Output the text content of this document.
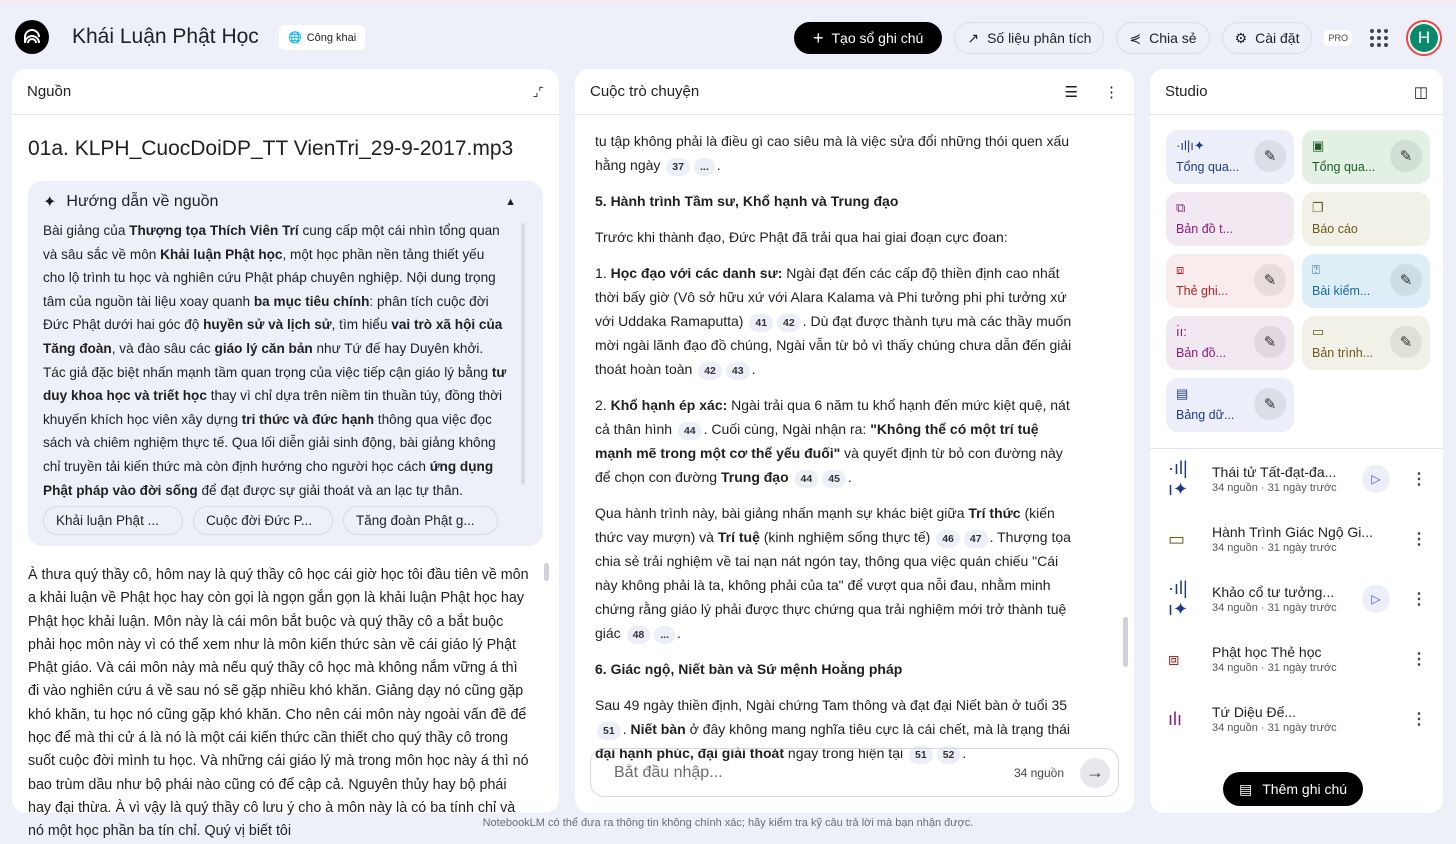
Khái Luận Phật Học	🌐 Công khai	+ Tạo sổ ghi chú	↗ Số liệu phân tích	⋞ Chia sẻ	⚙ Cài đặt	PRO	H
Nguồn	⌟⌜
01a. KLPH_CuocDoiDP_TT VienTri_29-9-2017.mp3
✦ Hướng dẫn về nguồn	▲
Bài giảng của Thượng tọa Thích Viên Trí cung cấp một cái nhìn tổng quan và sâu sắc về môn Khải luận Phật học, một học phần nền tảng thiết yếu cho lộ trình tu học và nghiên cứu Phật pháp chuyên nghiệp. Nội dung trọng tâm của nguồn tài liệu xoay quanh ba mục tiêu chính: phân tích cuộc đời Đức Phật dưới hai góc độ huyền sử và lịch sử, tìm hiểu vai trò xã hội của Tăng đoàn, và đào sâu các giáo lý căn bản như Tứ đế hay Duyên khởi. Tác giả đặc biệt nhấn mạnh tầm quan trọng của việc tiếp cận giáo lý bằng tư duy khoa học và triết học thay vì chỉ dựa trên niềm tin thuần túy, đồng thời khuyến khích học viên xây dựng tri thức và đức hạnh thông qua việc đọc sách và chiêm nghiệm thực tế. Qua lối diễn giải sinh động, bài giảng không chỉ truyền tải kiến thức mà còn định hướng cho người học cách ứng dụng Phật pháp vào đời sống để đạt được sự giải thoát và an lạc tự thân.
Khải luận Phật ...	Cuộc đời Đức P...	Tăng đoàn Phật g...
À thưa quý thầy cô, hôm nay là quý thầy cô học cái giờ học tôi đầu tiên về môn a khải luận về Phật học hay còn gọi là ngọn gắn gọn là khải luận Phật học hay Phật học khải luận. Môn này là cái môn bắt buộc và quý thầy cô a bắt buộc phải học môn này vì có thể xem như là môn kiến thức sàn về cái giáo lý Phật Phật giáo. Và cái môn này mà nếu quý thầy cô học mà không nắm vững á thì đi vào nghiên cứu á về sau nó sẽ gặp nhiều khó khăn. Giảng dạy nó cũng gặp khó khăn, tu học nó cũng gặp khó khăn. Cho nên cái môn này ngoài vấn đề để học để mà thi cử á là nó là một cái kiến thức cần thiết cho quý thầy cô trong suốt cuộc đời mình tu học. Và những cái giáo lý mà trong môn học này á thì nó bao trùm dầu như bộ phái nào cũng có để cập cả. Nguyên thủy hay bộ phái hay đại thừa. À vì vậy là quý thầy cô lưu ý cho à môn này là có ba tính chỉ và nó một học phần ba tín chỉ. Quý vị biết tôi
Cuộc trò chuyện	☰ ⋮

tu tập không phải là điều gì cao siêu mà là việc sửa đổi những thói quen xấu hằng ngày 37 ... .

5. Hành trình Tầm sư, Khổ hạnh và Trung đạo

Trước khi thành đạo, Đức Phật đã trải qua hai giai đoạn cực đoan:

1. Học đạo với các danh sư: Ngài đạt đến các cấp độ thiền định cao nhất thời bấy giờ (Vô sở hữu xứ với Alara Kalama và Phi tưởng phi phi tưởng xứ với Uddaka Ramaputta) 41 42 . Dù đạt được thành tựu mà các thầy muốn mời ngài lãnh đạo đồ chúng, Ngài vẫn từ bỏ vì thấy chúng chưa dẫn đến giải thoát hoàn toàn 42 43 .

2. Khổ hạnh ép xác: Ngài trải qua 6 năm tu khổ hạnh đến mức kiệt quệ, nát cả thân hình 44 . Cuối cùng, Ngài nhận ra: "Không thể có một trí tuệ mạnh mẽ trong một cơ thể yếu đuối" và quyết định từ bỏ con đường này để chọn con đường Trung đạo 44 45 .

Qua hành trình này, bài giảng nhấn mạnh sự khác biệt giữa Trí thức (kiến thức vay mượn) và Trí tuệ (kinh nghiệm sống thực tế) 46 47 . Thượng tọa chia sẻ trải nghiệm về tai nạn nát ngón tay, thông qua việc quán chiếu "Cái này không phải là ta, không phải của ta" để vượt qua nỗi đau, nhằm minh chứng rằng giáo lý phải được thực chứng qua trải nghiệm mới trở thành tuệ giác 48 ... .

6. Giác ngộ, Niết bàn và Sứ mệnh Hoằng pháp

Sau 49 ngày thiền định, Ngài chứng Tam thông và đạt đại Niết bàn ở tuổi 35 51 . Niết bàn ở đây không mang nghĩa tiêu cực là cái chết, mà là trạng thái đại hạnh phúc, đại giải thoát ngay trong hiện tại 51 52 .

Bắt đầu nhập...
34 nguồn	→
Studio	◫
·ıl|ı✦
Tổng qua...
✎
▣
Tổng qua...
✎
⧉
Bản đồ t...
❐
Báo cáo
⧈
Thẻ ghi...
✎
⍰
Bài kiểm...
✎
ı̇ı:
Bản đồ...
✎
▭
Bản trình...
✎
▤
Bảng dữ...
✎
·ıl|ı✦
Thái tử Tất-đạt-đa...
34 nguồn · 31 ngày trước
▷	⋮
▭	Hành Trình Giác Ngộ Gi...
34 nguồn · 31 ngày trước	⋮
·ıl|ı✦
Khảo cổ tư tưởng...
34 nguồn · 31 ngày trước
▷	⋮
⧈	Phật học Thẻ học
34 nguồn · 31 ngày trước	⋮
ılı	Tứ Diệu Đế...
34 nguồn · 31 ngày trước	⋮
▤ Thêm ghi chú
NotebookLM có thể đưa ra thông tin không chính xác; hãy kiểm tra kỹ câu trả lời mà bạn nhận được.
